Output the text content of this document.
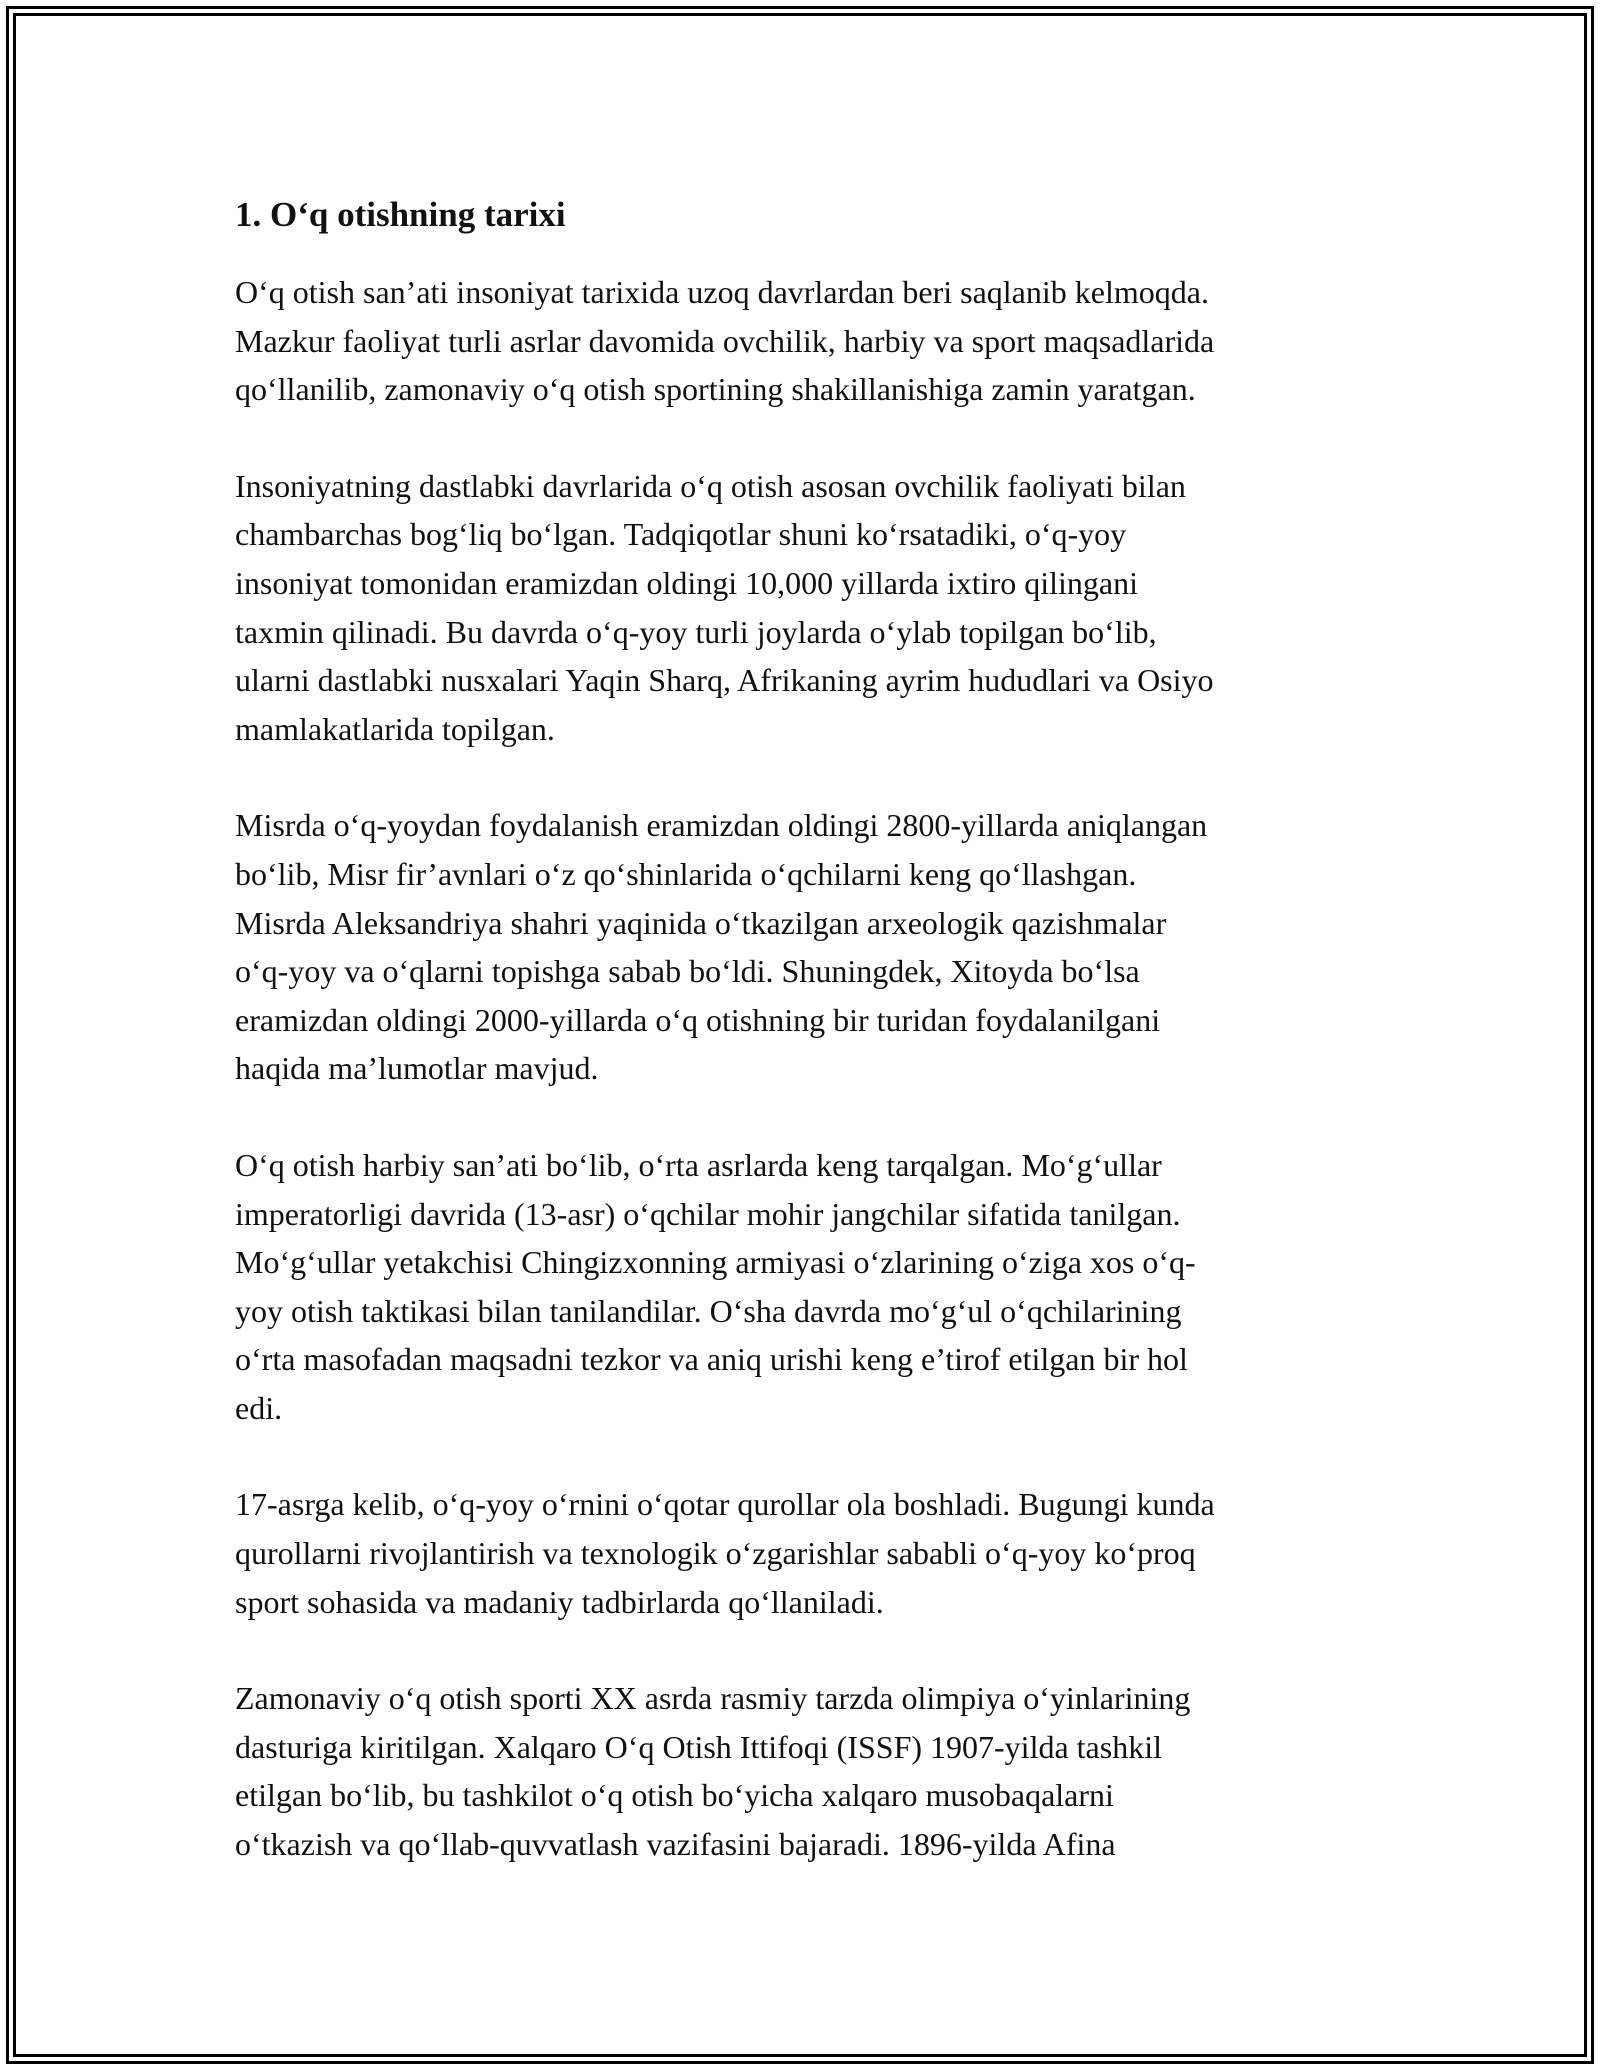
1. O‘q otishning tarixi

O‘q otish san’ati insoniyat tarixida uzoq davrlardan beri saqlanib kelmoqda.
Mazkur faoliyat turli asrlar davomida ovchilik, harbiy va sport maqsadlarida
qo‘llanilib, zamonaviy o‘q otish sportining shakillanishiga zamin yaratgan.

Insoniyatning dastlabki davrlarida o‘q otish asosan ovchilik faoliyati bilan
chambarchas bog‘liq bo‘lgan. Tadqiqotlar shuni ko‘rsatadiki, o‘q-yoy
insoniyat tomonidan eramizdan oldingi 10,000 yillarda ixtiro qilingani
taxmin qilinadi. Bu davrda o‘q-yoy turli joylarda o‘ylab topilgan bo‘lib,
ularni dastlabki nusxalari Yaqin Sharq, Afrikaning ayrim hududlari va Osiyo
mamlakatlarida topilgan.

Misrda o‘q-yoydan foydalanish eramizdan oldingi 2800-yillarda aniqlangan
bo‘lib, Misr fir’avnlari o‘z qo‘shinlarida o‘qchilarni keng qo‘llashgan.
Misrda Aleksandriya shahri yaqinida o‘tkazilgan arxeologik qazishmalar
o‘q-yoy va o‘qlarni topishga sabab bo‘ldi. Shuningdek, Xitoyda bo‘lsa
eramizdan oldingi 2000-yillarda o‘q otishning bir turidan foydalanilgani
haqida ma’lumotlar mavjud.

O‘q otish harbiy san’ati bo‘lib, o‘rta asrlarda keng tarqalgan. Mo‘g‘ullar
imperatorligi davrida (13-asr) o‘qchilar mohir jangchilar sifatida tanilgan.
Mo‘g‘ullar yetakchisi Chingizxonning armiyasi o‘zlarining o‘ziga xos o‘q-
yoy otish taktikasi bilan tanilandilar. O‘sha davrda mo‘g‘ul o‘qchilarining
o‘rta masofadan maqsadni tezkor va aniq urishi keng e’tirof etilgan bir hol
edi.

17-asrga kelib, o‘q-yoy o‘rnini o‘qotar qurollar ola boshladi. Bugungi kunda
qurollarni rivojlantirish va texnologik o‘zgarishlar sababli o‘q-yoy ko‘proq
sport sohasida va madaniy tadbirlarda qo‘llaniladi.

Zamonaviy o‘q otish sporti XX asrda rasmiy tarzda olimpiya o‘yinlarining
dasturiga kiritilgan. Xalqaro O‘q Otish Ittifoqi (ISSF) 1907-yilda tashkil
etilgan bo‘lib, bu tashkilot o‘q otish bo‘yicha xalqaro musobaqalarni
o‘tkazish va qo‘llab-quvvatlash vazifasini bajaradi. 1896-yilda Afina
